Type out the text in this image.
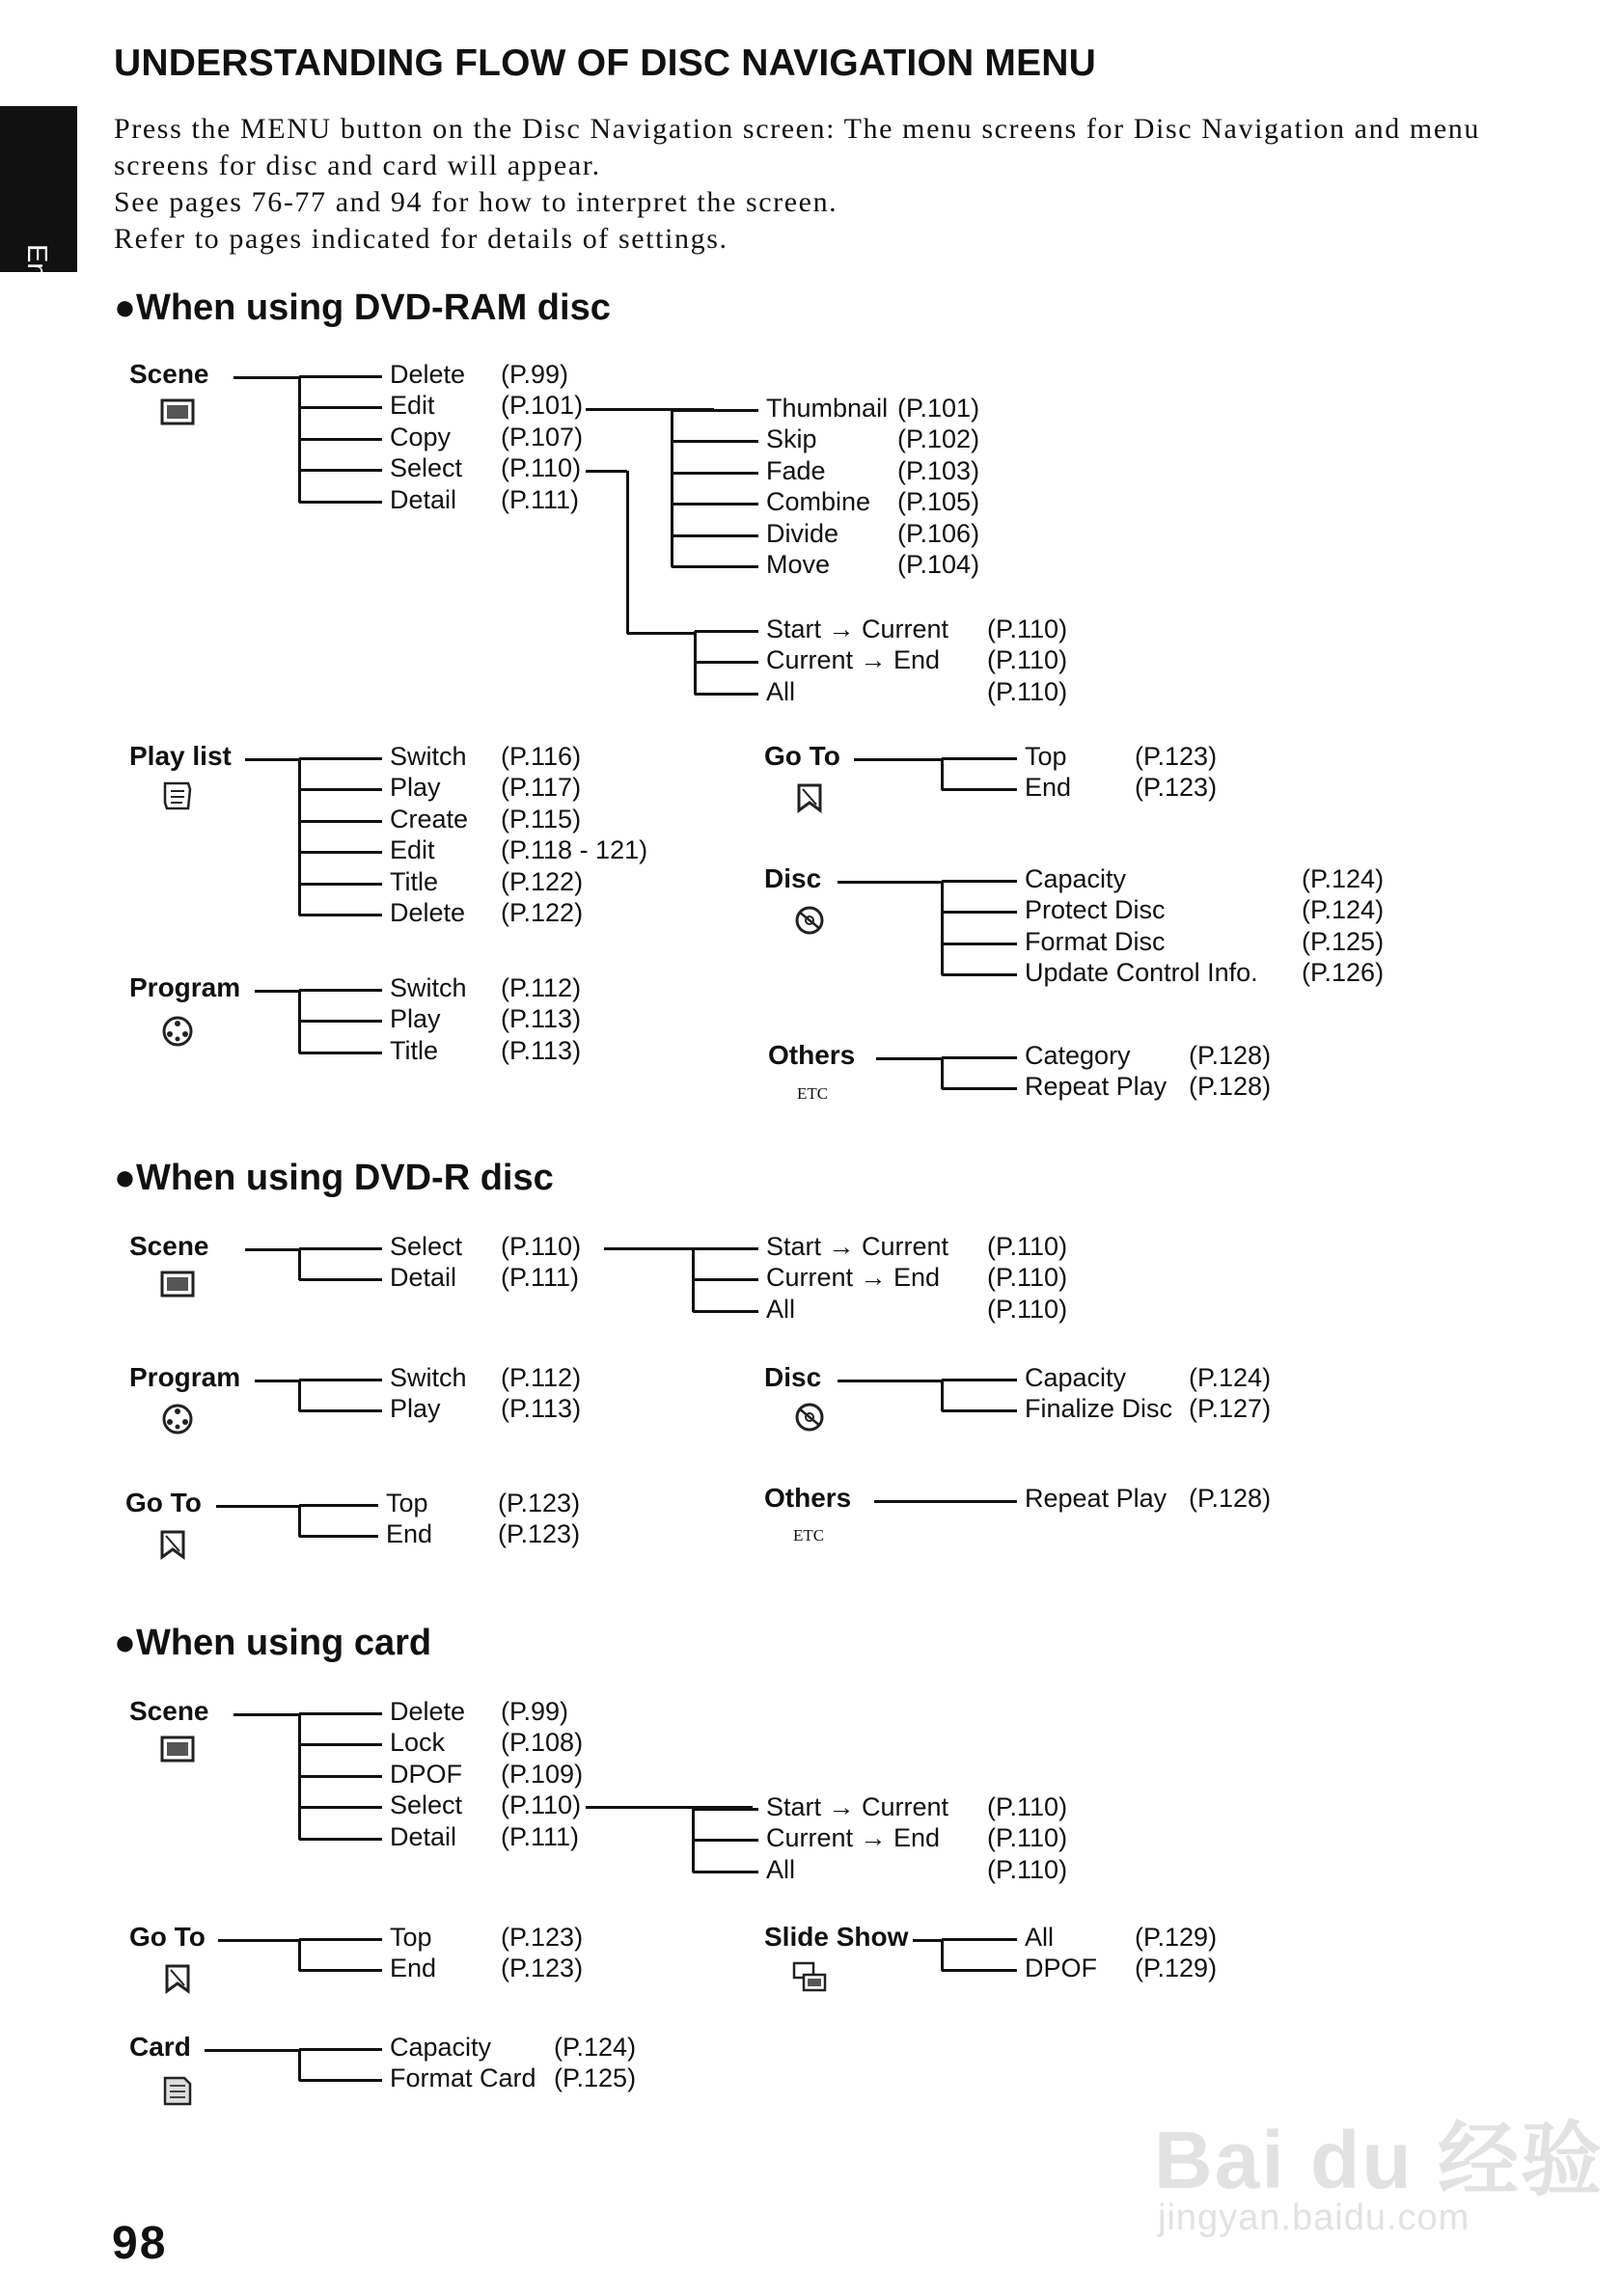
English
UNDERSTANDING FLOW OF DISC NAVIGATION MENU
Press the MENU button on the Disc Navigation screen: The menu screens for Disc Navigation and menu
screens for disc and card will appear.
See pages 76-77 and 94 for how to interpret the screen.
Refer to pages indicated for details of settings.
●When using DVD-RAM disc
●When using DVD-R disc
●When using card
98
Bai du 经验
jingyan.baidu.com
Scene	Delete (P.99)
Edit	(P.101)
Copy (P.107)
Select (P.110)
Detail (P.111)
Thumbnail (P.101)
Skip	(P.102)
Fade	(P.103)
Combine (P.105)
Divide (P.106)
Move	(P.104)
Start → Current (P.110)
Current → End (P.110)
All	(P.110)
Play list	Switch (P.116)
Play (P.117)
Create (P.115)
Edit	(P.118 - 121)
Title (P.122)
Delete (P.122)
Program	Switch (P.112)
Play (P.113)
Title (P.113)
Go To	Top	(P.123)
End (P.123)
Disc	Capacity	(P.124)
Protect Disc	(P.124)
Format Disc	(P.125)
Update Control Info. (P.126)
Others	Category (P.128)
Repeat Play (P.128)
ETC
Scene	Select (P.110)
Detail (P.111)
Start → Current (P.110)
Current → End (P.110)
All	(P.110)
Program	Switch (P.112)
Play (P.113)
Disc	Capacity (P.124)
Finalize Disc (P.127)
Go To	Top	(P.123)
End	(P.123)
Others	Repeat Play (P.128)
ETC
Scene	Delete (P.99)
Lock (P.108)
DPOF (P.109)
Select (P.110)
Detail (P.111)
Start → Current (P.110)
Current → End (P.110)
All	(P.110)
Go To	Top	(P.123)
End (P.123)
Slide Show	All	(P.129)
DPOF (P.129)
Card	Capacity (P.124)
Format Card (P.125)
